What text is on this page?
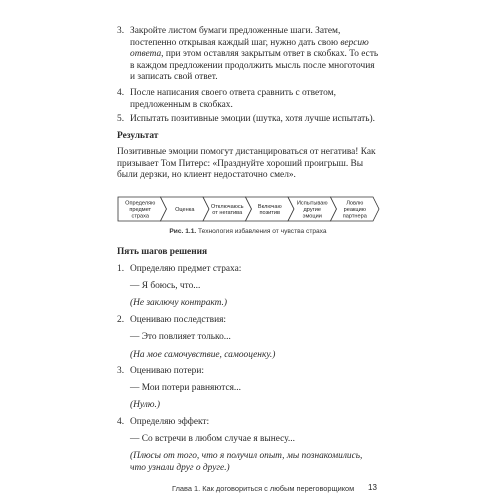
3. Закройте листом бумаги предложенные шаги. Затем, постепенно открывая каждый шаг, нужно дать свою версию ответа, при этом оставляя закрытым ответ в скобках. То есть в каждом предложении продолжить мысль после многоточия и записать свой ответ.
4. После написания своего ответа сравнить с ответом, предложенным в скобках.
5. Испытать позитивные эмоции (шутка, хотя лучше испытать).
Результат

Позитивные эмоции помогут дистанцироваться от негатива! Как призывает Том Питерс: «Празднуйте хороший проигрыш. Вы были дерзки, но клиент недостаточно смел».

Определяю предмет страха
Оценка
Отключаюсь от негатива
Включаю позитив
Испытываю другие эмоции
Ловлю реакцию партнера
Рис. 1.1. Технология избавления от чувства страха
Пять шагов решения
1. Определяю предмет страха:
— Я боюсь, что...
(Не заключу контракт.)
2. Оцениваю последствия:
— Это повлияет только...
(На мое самочувствие, самооценку.)
3. Оцениваю потери:
— Мои потери равняются...
(Нулю.)
4. Определяю эффект:
— Со встречи в любом случае я вынесу...
(Плюсы от того, что я получил опыт, мы познакомились, что узнали друг о друге.)
Глава 1. Как договориться с любым переговорщиком 13
